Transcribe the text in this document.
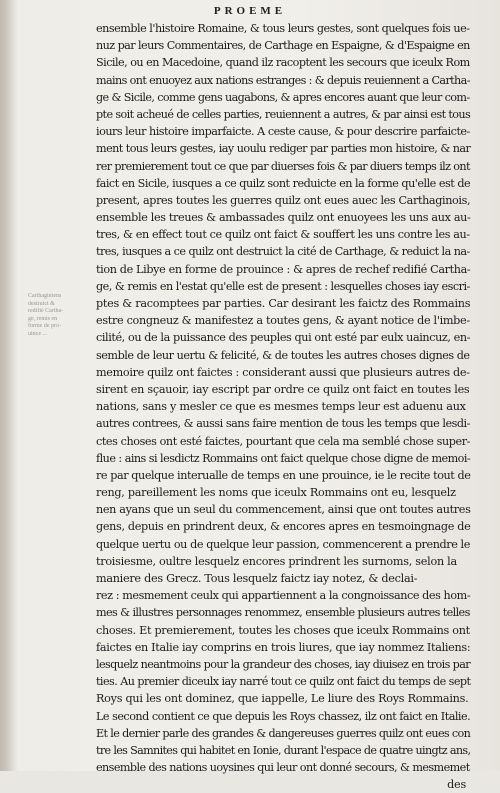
PROEME
Carthaginiens
destruict &
redifié Cartha-
ge, remis en
forme de pro-
uince ...
ensemble l'histoire Romaine, & tous leurs gestes, sont quelques fois ue-
nuz par leurs Commentaires, de Carthage en Espaigne, & d'Espaigne en
Sicile, ou en Macedoine, quand ilz racoptent les secours que iceulx Rom
mains ont enuoyez aux nations estranges : & depuis reuiennent a Cartha-
ge & Sicile, comme gens uagabons, & apres encores auant que leur com-
pte soit acheué de celles parties, reuiennent a autres, & par ainsi est tous
iours leur histoire imparfaicte. A ceste cause, & pour descrire parfaicte-
ment tous leurs gestes, iay uoulu rediger par parties mon histoire, & nar
rer premierement tout ce que par diuerses fois & par diuers temps ilz ont
faict en Sicile, iusques a ce quilz sont reduicte en la forme qu'elle est de
present, apres toutes les guerres quilz ont eues auec les Carthaginois,
ensemble les treues & ambassades quilz ont enuoyees les uns aux au-
tres, & en effect tout ce quilz ont faict & souffert les uns contre les au-
tres, iusques a ce quilz ont destruict la cité de Carthage, & reduict la na-
tion de Libye en forme de prouince : & apres de rechef redifié Cartha-
ge, & remis en l'estat qu'elle est de present : lesquelles choses iay escri-
ptes & racomptees par parties. Car desirant les faictz des Rommains
estre congneuz & manifestez a toutes gens, & ayant notice de l'imbe-
cilité, ou de la puissance des peuples qui ont esté par eulx uaincuz, en-
semble de leur uertu & felicité, & de toutes les autres choses dignes de
memoire quilz ont faictes : considerant aussi que plusieurs autres de-
sirent en sçauoir, iay escript par ordre ce quilz ont faict en toutes les
nations, sans y mesler ce que es mesmes temps leur est aduenu aux
autres contrees, & aussi sans faire mention de tous les temps que lesdi-
ctes choses ont esté faictes, pourtant que cela ma semblé chose super-
flue : ains si lesdictz Rommains ont faict quelque chose digne de memoi-
re par quelque interualle de temps en une prouince, ie le recite tout de
reng, pareillement les noms que iceulx Rommains ont eu, lesquelz
nen ayans que un seul du commencement, ainsi que ont toutes autres
gens, depuis en prindrent deux, & encores apres en tesmoingnage de
quelque uertu ou de quelque leur passion, commencerent a prendre le
troisiesme, oultre lesquelz encores prindrent les surnoms, selon la
maniere des Grecz. Tous lesquelz faictz iay notez, & declai-
rez : mesmement ceulx qui appartiennent a la congnoissance des hom-
mes & illustres personnages renommez, ensemble plusieurs autres telles
choses. Et premierement, toutes les choses que iceulx Rommains ont
faictes en Italie iay comprins en trois liures, que iay nommez Italiens:
lesquelz neantmoins pour la grandeur des choses, iay diuisez en trois par
ties. Au premier diceulx iay narré tout ce quilz ont faict du temps de sept
Roys qui les ont dominez, que iappelle, Le liure des Roys Rommains.
Le second contient ce que depuis les Roys chassez, ilz ont faict en Italie.
Et le dernier parle des grandes & dangereuses guerres quilz ont eues con
tre les Samnites qui habitet en Ionie, durant l'espace de quatre uingtz ans,
ensemble des nations uoysines qui leur ont donné secours, & mesmemet
des
